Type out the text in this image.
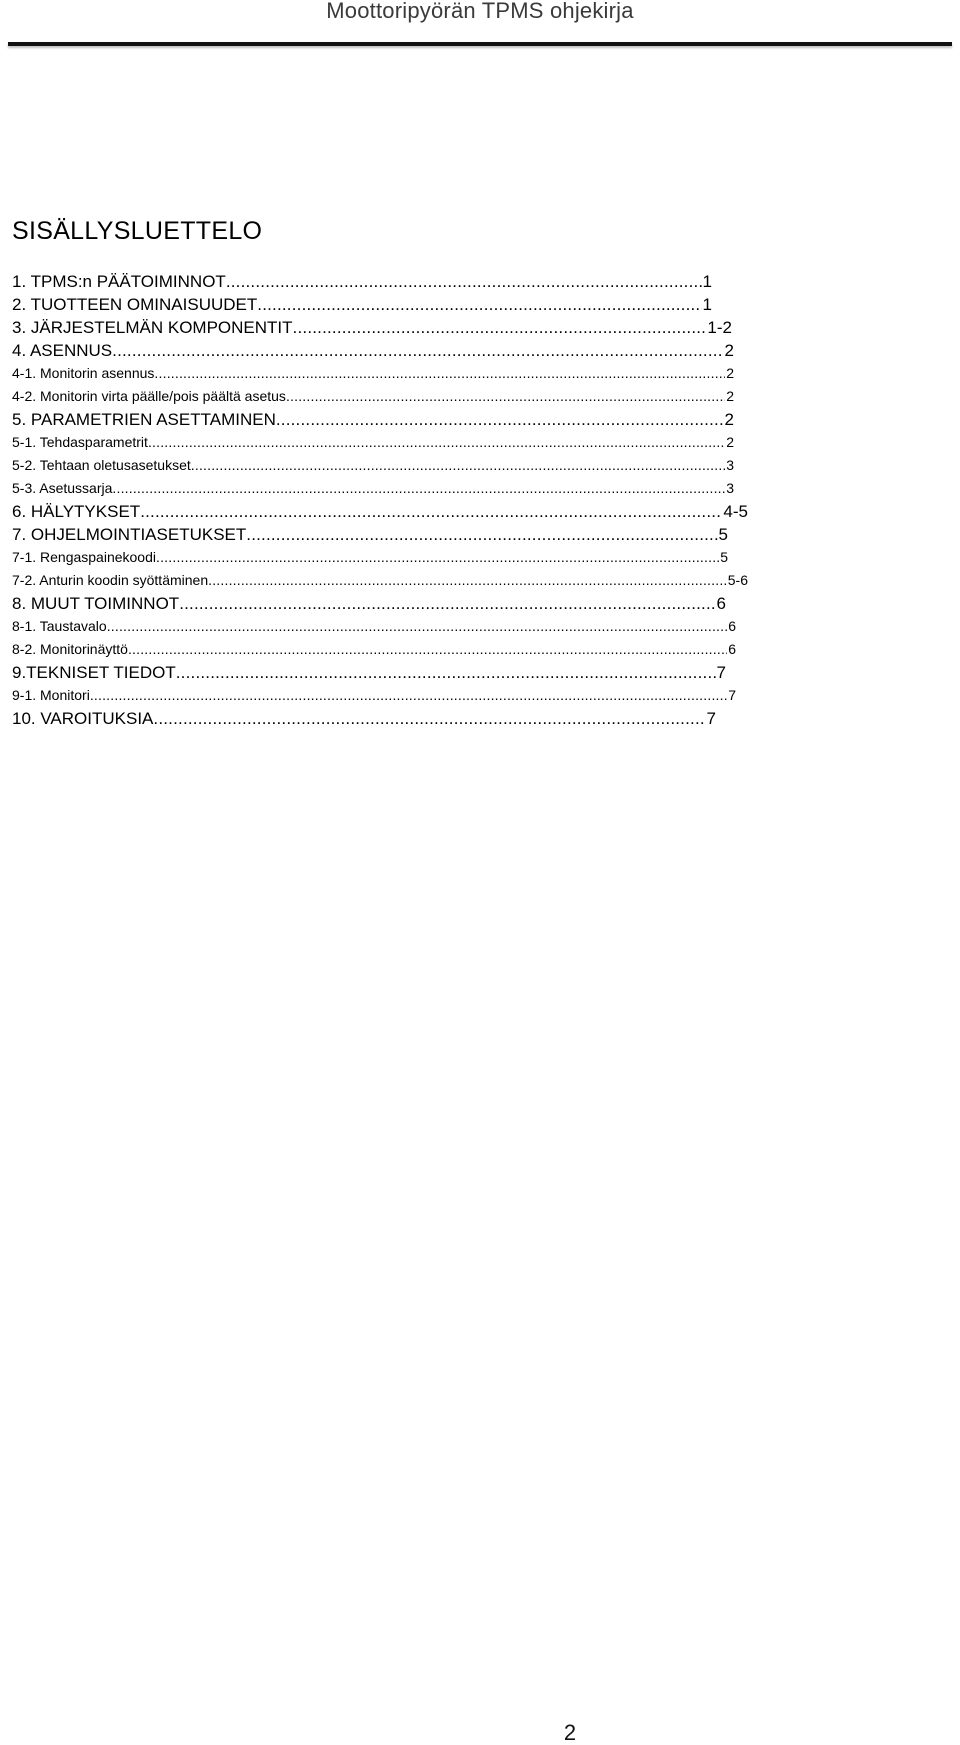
Moottoripyörän TPMS ohjekirja
SISÄLLYSLUETTELO
1. TPMS:n PÄÄTOIMINNOT .....	1
2. TUOTTEEN OMINAISUUDET .....	1
3. JÄRJESTELMÄN KOMPONENTIT .....	1-2
4. ASENNUS .....	2
4-1. Monitorin asennus .....	2
4-2. Monitorin virta päälle/pois päältä asetus .....	2
5. PARAMETRIEN ASETTAMINEN .....	2
5-1. Tehdasparametrit .....	2
5-2. Tehtaan oletusasetukset .....	3
5-3. Asetussarja .....	3
6. HÄLYTYKSET .....	4-5
7. OHJELMOINTIASETUKSET .....	5
7-1. Rengaspainekoodi .....	5
7-2. Anturin koodin syöttäminen .....	5-6
8. MUUT TOIMINNOT .....	6
8-1. Taustavalo .....	6
8-2. Monitorinäyttö .....	6
9.TEKNISET TIEDOT .....	7
9-1. Monitori .....	7
10. VAROITUKSIA .....	7
2
